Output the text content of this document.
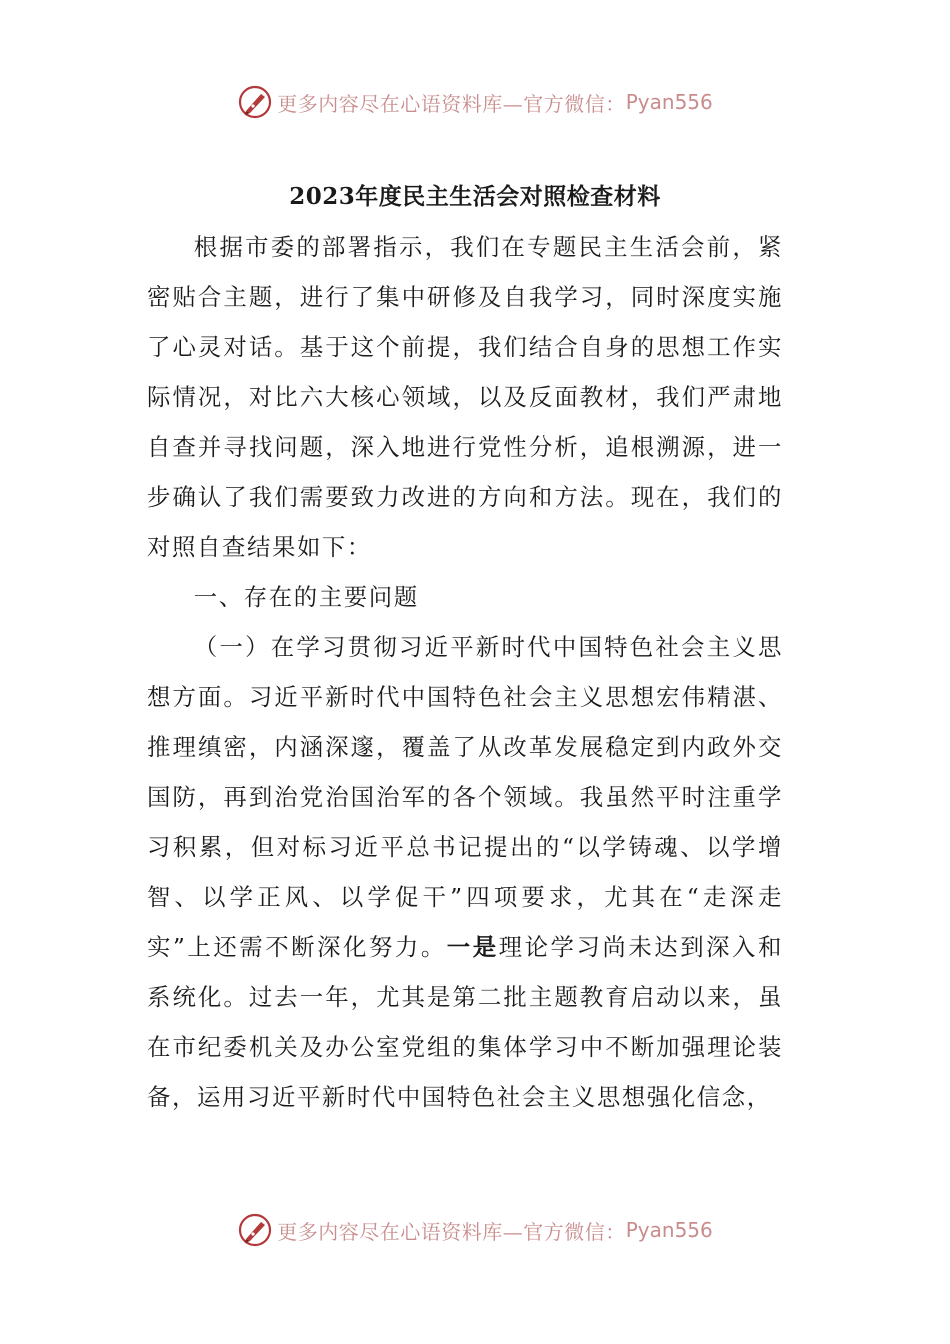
更多内容尽在心语资料库—官方微信： Pyan556
2023年度民主生活会对照检查材料

根据市委的部署指示，我们在专题民主生活会前，紧密贴合主题，进行了集中研修及自我学习，同时深度实施了心灵对话。基于这个前提，我们结合自身的思想工作实际情况，对比六大核心领域，以及反面教材，我们严肃地自查并寻找问题，深入地进行党性分析，追根溯源，进一步确认了我们需要致力改进的方向和方法。现在，我们的对照自查结果如下：

一、存在的主要问题

（一）在学习贯彻习近平新时代中国特色社会主义思想方面。习近平新时代中国特色社会主义思想宏伟精湛、推理缜密，内涵深邃，覆盖了从改革发展稳定到内政外交国防，再到治党治国治军的各个领域。我虽然平时注重学习积累，但对标习近平总书记提出的“以学铸魂、以学增智、以学正风、以学促干”四项要求，尤其在“走深走实”上还需不断深化努力。一是理论学习尚未达到深入和系统化。过去一年，尤其是第二批主题教育启动以来，虽在市纪委机关及办公室党组的集体学习中不断加强理论装备，运用习近平新时代中国特色社会主义思想强化信念，

更多内容尽在心语资料库—官方微信： Pyan556
